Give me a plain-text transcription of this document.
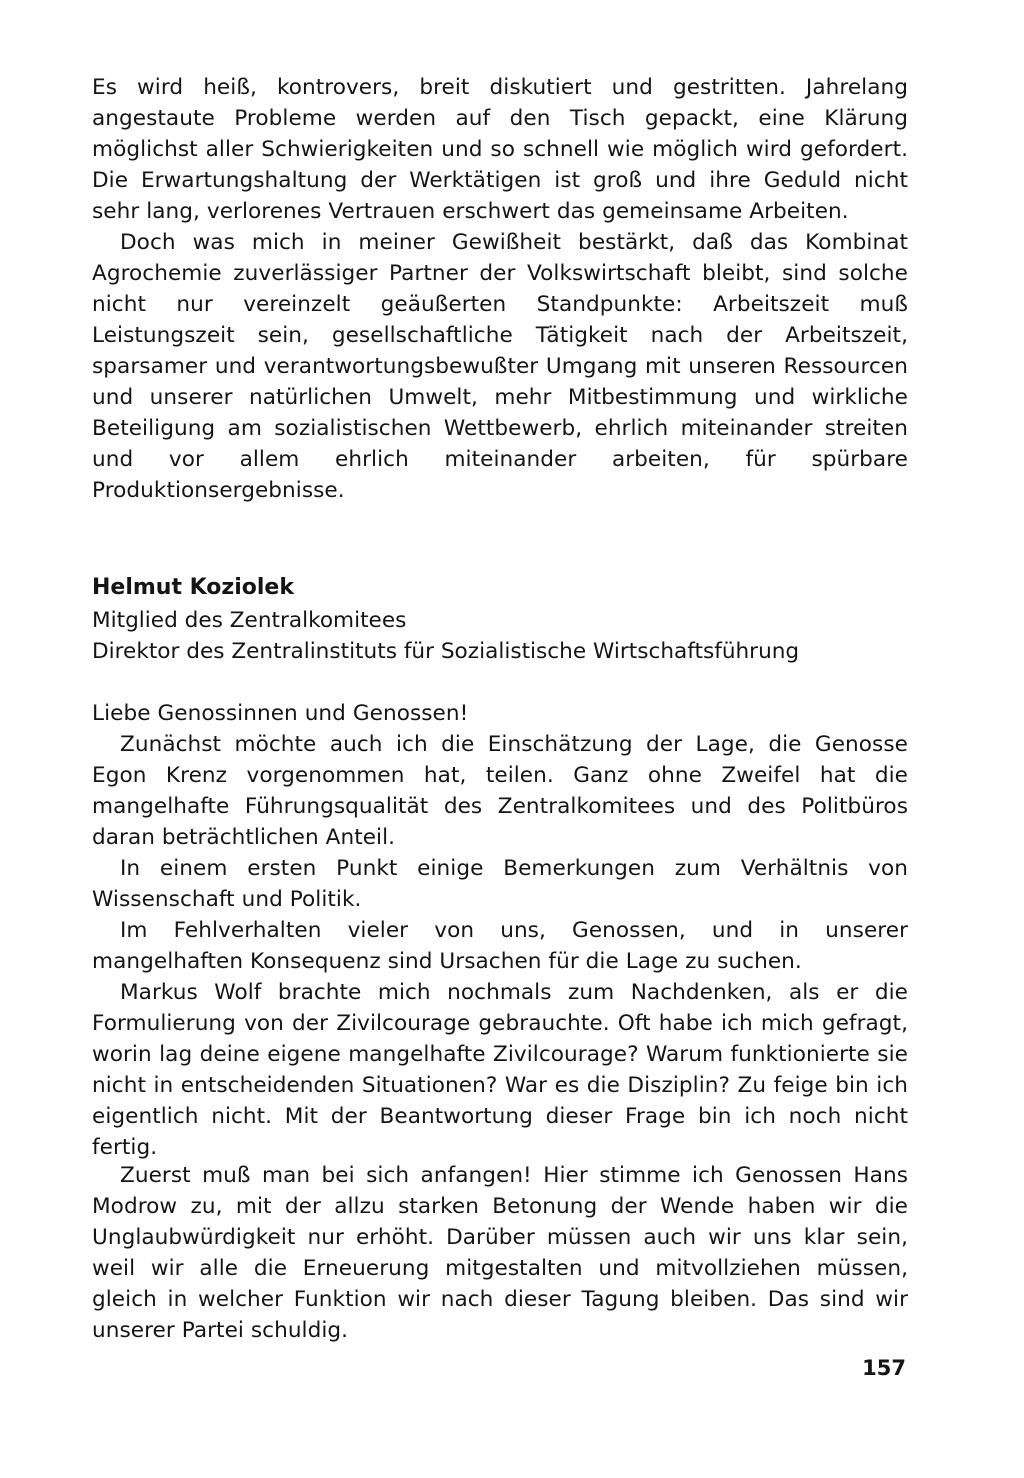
Es wird heiß, kontrovers, breit diskutiert und gestritten. Jahrelang angestaute Probleme werden auf den Tisch gepackt, eine Klärung möglichst aller Schwierigkeiten und so schnell wie möglich wird gefordert. Die Erwartungshaltung der Werktätigen ist groß und ihre Geduld nicht sehr lang, verlorenes Vertrauen erschwert das gemeinsame Arbeiten.

Doch was mich in meiner Gewißheit bestärkt, daß das Kombinat Agrochemie zuverlässiger Partner der Volkswirtschaft bleibt, sind solche nicht nur vereinzelt geäußerten Standpunkte: Arbeitszeit muß Leistungszeit sein, gesellschaftliche Tätigkeit nach der Arbeitszeit, sparsamer und verantwortungsbewußter Umgang mit unseren Ressourcen und unserer natürlichen Umwelt, mehr Mitbestimmung und wirkliche Beteiligung am sozialistischen Wettbewerb, ehrlich miteinander streiten und vor allem ehrlich miteinander arbeiten, für spürbare Produktionsergebnisse.

Helmut Koziolek
Mitglied des Zentralkomitees
Direktor des Zentralinstituts für Sozialistische Wirtschaftsführung

Liebe Genossinnen und Genossen!

Zunächst möchte auch ich die Einschätzung der Lage, die Genosse Egon Krenz vorgenommen hat, teilen. Ganz ohne Zweifel hat die mangelhafte Führungsqualität des Zentralkomitees und des Politbüros daran beträchtlichen Anteil.

In einem ersten Punkt einige Bemerkungen zum Verhältnis von Wissenschaft und Politik.

Im Fehlverhalten vieler von uns, Genossen, und in unserer mangelhaften Konsequenz sind Ursachen für die Lage zu suchen.

Markus Wolf brachte mich nochmals zum Nachdenken, als er die Formulierung von der Zivilcourage gebrauchte. Oft habe ich mich gefragt, worin lag deine eigene mangelhafte Zivilcourage? Warum funktionierte sie nicht in entscheidenden Situationen? War es die Disziplin? Zu feige bin ich eigentlich nicht. Mit der Beantwortung dieser Frage bin ich noch nicht fertig.

Zuerst muß man bei sich anfangen! Hier stimme ich Genossen Hans Modrow zu, mit der allzu starken Betonung der Wende haben wir die Unglaubwürdigkeit nur erhöht. Darüber müssen auch wir uns klar sein, weil wir alle die Erneuerung mitgestalten und mitvollziehen müssen, gleich in welcher Funktion wir nach dieser Tagung bleiben. Das sind wir unserer Partei schuldig.

157
